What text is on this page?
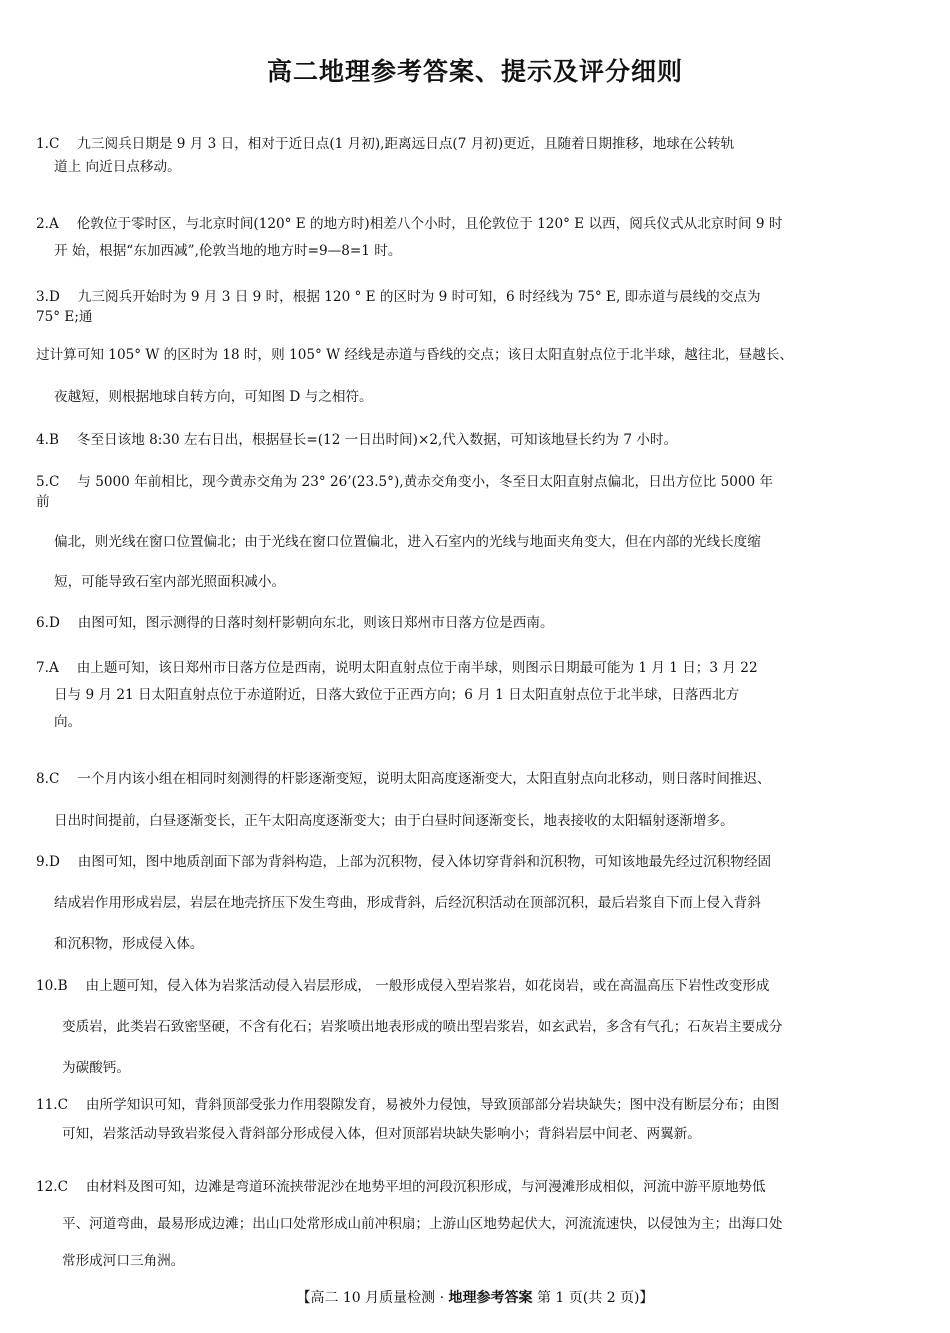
高二地理参考答案、提示及评分细则

1.C　 九三阅兵日期是 9 月 3 日，相对于近日点(1 月初),距离远日点(7 月初)更近，且随着日期推移，地球在公转轨

道上 向近日点移动。

2.A　 伦敦位于零时区，与北京时间(120° E 的地方时)相差八个小时，且伦敦位于 120° E 以西，阅兵仪式从北京时间 9 时

开 始，根据“东加西减”,伦敦当地的地方时=9—8=1 时。

3.D　 九三阅兵开始时为 9 月 3 日 9 时，根据 120 ° E 的区时为 9 时可知，6 时经线为 75° E, 即赤道与晨线的交点为

75° E;通

过计算可知 105° W 的区时为 18 时，则 105° W 经线是赤道与昏线的交点；该日太阳直射点位于北半球，越往北，昼越长、

夜越短，则根据地球自转方向，可知图 D 与之相符。

4.B　 冬至日该地 8:30 左右日出，根据昼长=(12 一日出时间)×2,代入数据，可知该地昼长约为 7 小时。

5.C　 与 5000 年前相比，现今黄赤交角为 23° 26’(23.5°),黄赤交角变小，冬至日太阳直射点偏北，日出方位比 5000 年

前

偏北，则光线在窗口位置偏北；由于光线在窗口位置偏北，进入石室内的光线与地面夹角变大，但在内部的光线长度缩

短，可能导致石室内部光照面积减小。

6.D　 由图可知，图示测得的日落时刻杆影朝向东北，则该日郑州市日落方位是西南。

7.A　 由上题可知，该日郑州市日落方位是西南，说明太阳直射点位于南半球，则图示日期最可能为 1 月 1 日；3 月 22

日与 9 月 21 日太阳直射点位于赤道附近，日落大致位于正西方向；6 月 1 日太阳直射点位于北半球，日落西北方

向。

8.C　 一个月内该小组在相同时刻测得的杆影逐渐变短，说明太阳高度逐渐变大，太阳直射点向北移动，则日落时间推迟、

日出时间提前，白昼逐渐变长，正午太阳高度逐渐变大；由于白昼时间逐渐变长，地表接收的太阳辐射逐渐增多。

9.D　 由图可知，图中地质剖面下部为背斜构造，上部为沉积物，侵入体切穿背斜和沉积物，可知该地最先经过沉积物经固

结成岩作用形成岩层，岩层在地壳挤压下发生弯曲，形成背斜，后经沉积活动在顶部沉积，最后岩浆自下而上侵入背斜

和沉积物，形成侵入体。

10.B　 由上题可知，侵入体为岩浆活动侵入岩层形成， 一般形成侵入型岩浆岩，如花岗岩，或在高温高压下岩性改变形成

变质岩，此类岩石致密坚硬，不含有化石；岩浆喷出地表形成的喷出型岩浆岩，如玄武岩，多含有气孔；石灰岩主要成分

为碳酸钙。

11.C　 由所学知识可知，背斜顶部受张力作用裂隙发育，易被外力侵蚀，导致顶部部分岩块缺失；图中没有断层分布；由图

可知，岩浆活动导致岩浆侵入背斜部分形成侵入体，但对顶部岩块缺失影响小；背斜岩层中间老、两翼新。

12.C　 由材料及图可知，边滩是弯道环流挟带泥沙在地势平坦的河段沉积形成，与河漫滩形成相似，河流中游平原地势低

平、河道弯曲，最易形成边滩；出山口处常形成山前冲积扇；上游山区地势起伏大，河流流速快，以侵蚀为主；出海口处

常形成河口三角洲。

【高二 10 月质量检测 · 地理参考答案 第 1 页(共 2 页)】
